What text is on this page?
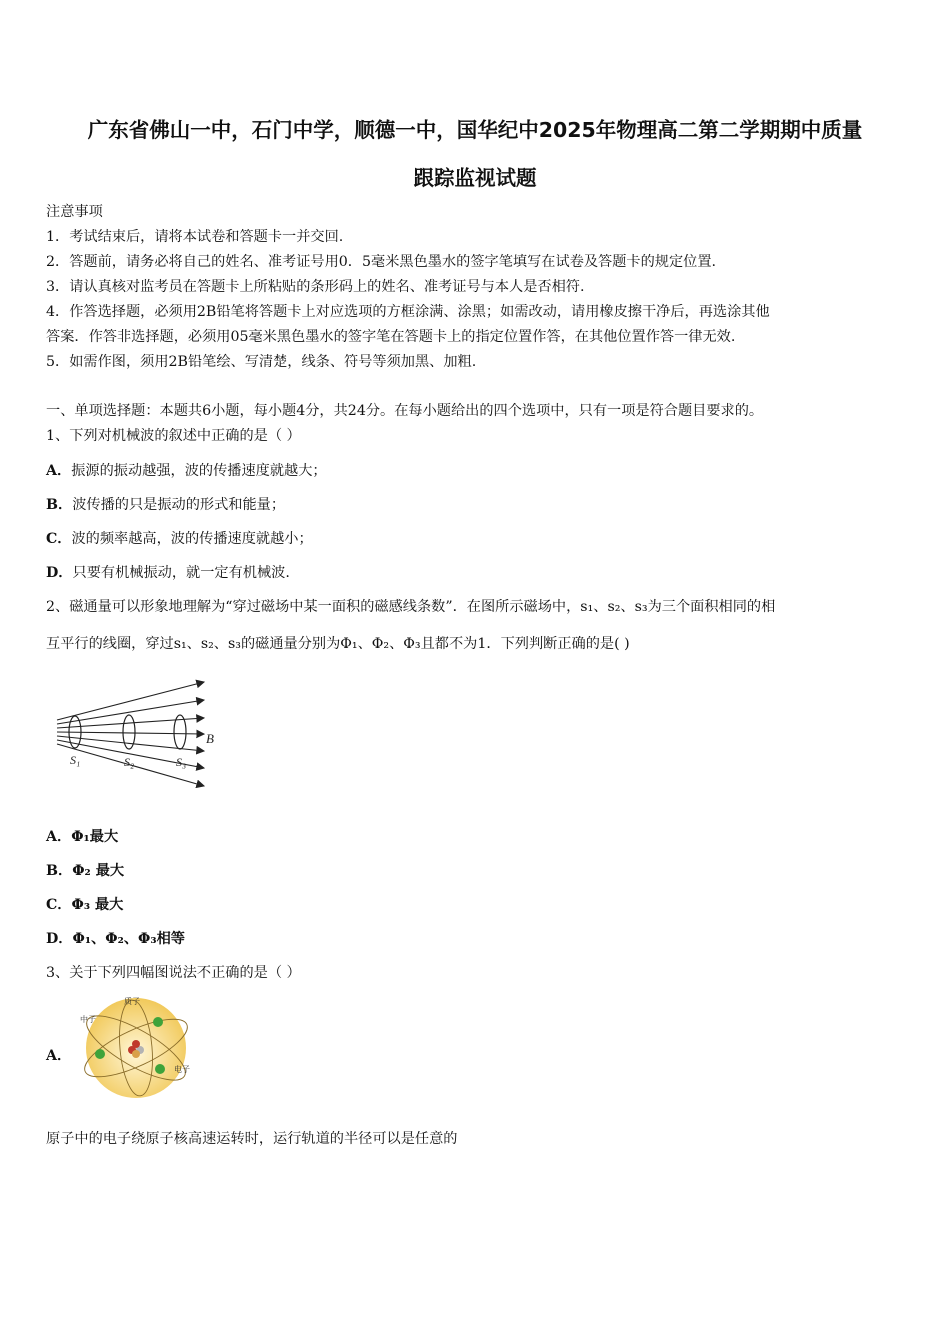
广东省佛山一中，石门中学，顺德一中，国华纪中2025年物理高二第二学期期中质量
跟踪监视试题
注意事项
1．考试结束后，请将本试卷和答题卡一并交回.
2．答题前，请务必将自己的姓名、准考证号用0．5毫米黑色墨水的签字笔填写在试卷及答题卡的规定位置.
3．请认真核对监考员在答题卡上所粘贴的条形码上的姓名、准考证号与本人是否相符.
4．作答选择题，必须用2B铅笔将答题卡上对应选项的方框涂满、涂黑；如需改动，请用橡皮擦干净后，再选涂其他
答案．作答非选择题，必须用05毫米黑色墨水的签字笔在答题卡上的指定位置作答，在其他位置作答一律无效.
5．如需作图，须用2B铅笔绘、写清楚，线条、符号等须加黑、加粗.
一、单项选择题：本题共6小题，每小题4分，共24分。在每小题给出的四个选项中，只有一项是符合题目要求的。
1、下列对机械波的叙述中正确的是（ ）
A．振源的振动越强，波的传播速度就越大；
B．波传播的只是振动的形式和能量；
C．波的频率越高，波的传播速度就越小；
D．只要有机械振动，就一定有机械波.
2、磁通量可以形象地理解为“穿过磁场中某一面积的磁感线条数”．在图所示磁场中，s₁、s₂、s₃为三个面积相同的相
互平行的线圈，穿过s₁、s₂、s₃的磁通量分别为Φ₁、Φ₂、Φ₃且都不为1．下列判断正确的是( )
B
S₁	S₂	S₃
A．Φ₁最大
B．Φ₂ 最大
C．Φ₃ 最大
D．Φ₁、Φ₂、Φ₃相等
3、关于下列四幅图说法不正确的是（ ）
A．
质子
中子
电子
原子中的电子绕原子核高速运转时，运行轨道的半径可以是任意的
